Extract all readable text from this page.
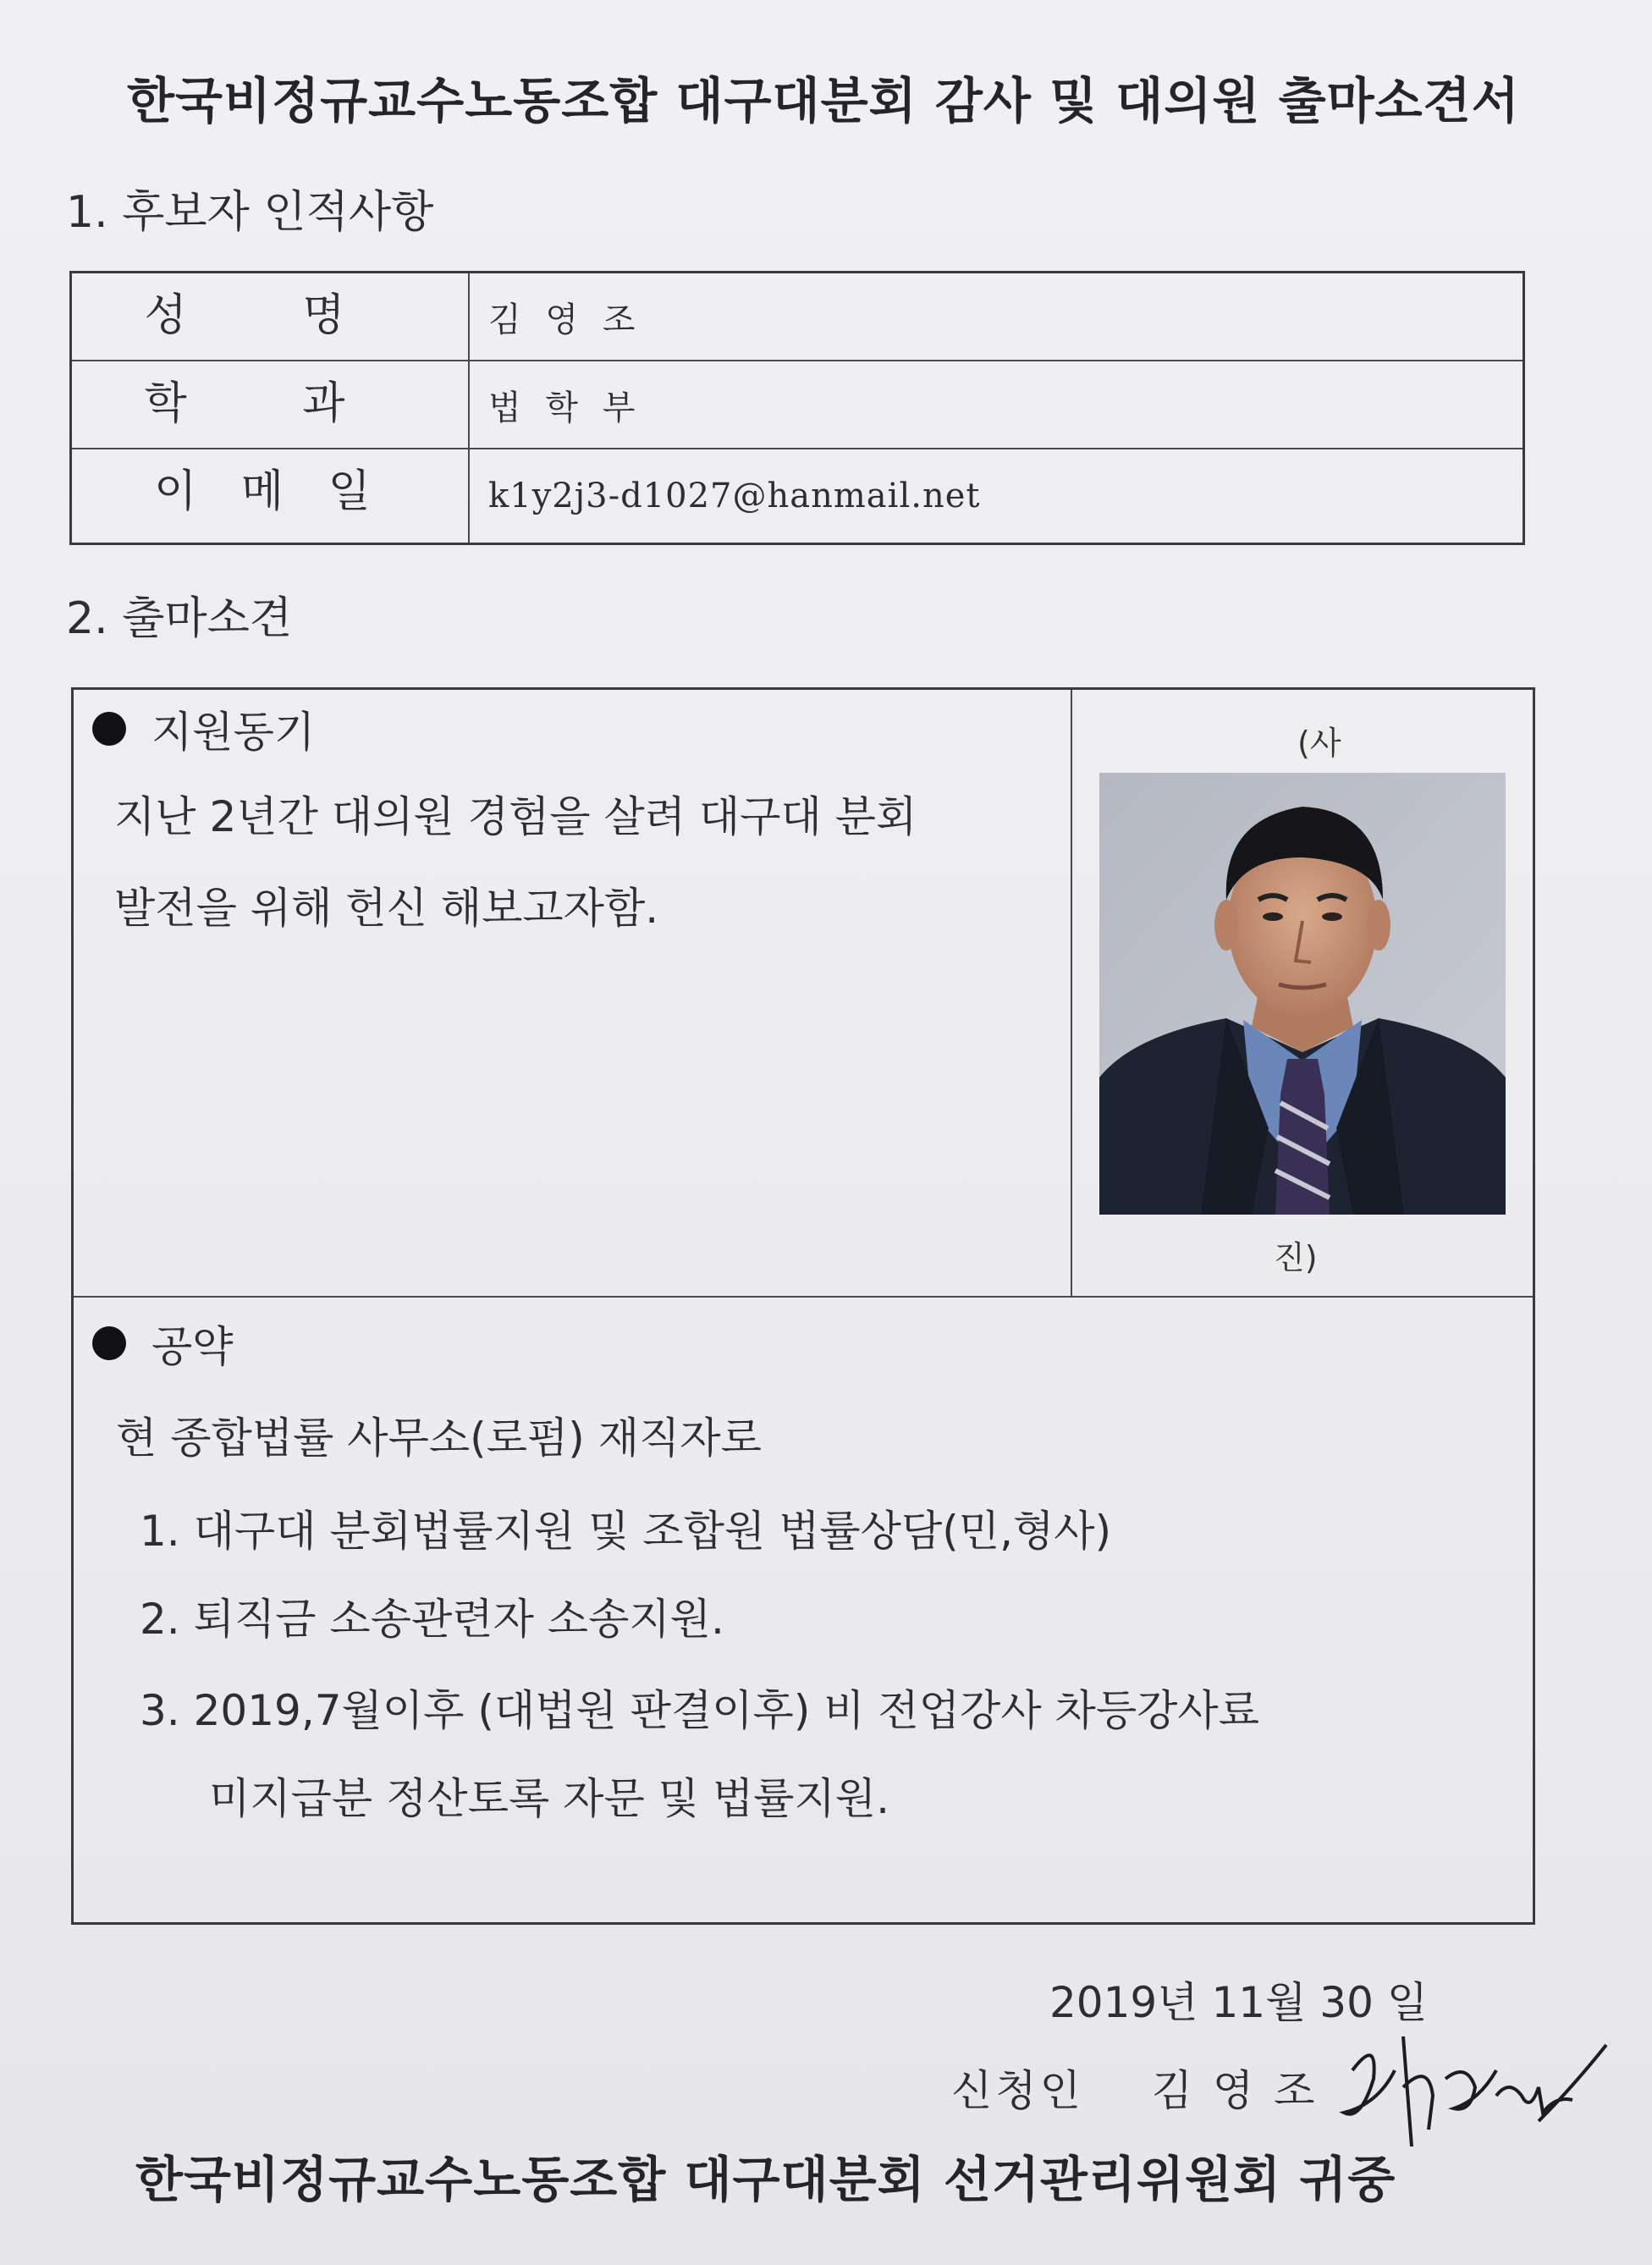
한국비정규교수노동조합 대구대분회 감사 및 대의원 출마소견서
1. 후보자 인적사항
성 명	김 영 조
학 과	법 학 부
이 메 일	k1y2j3-d1027@hanmail.net
2. 출마소견
지원동기
지난 2년간 대의원 경험을 살려 대구대 분회
발전을 위해 헌신 해보고자함.
(사
진)
공약
현 종합법률 사무소(로펌) 재직자로
1. 대구대 분회법률지원 및 조합원 법률상담(민,형사)
2. 퇴직금 소송관련자 소송지원.
3. 2019,7월이후 (대법원 판결이후) 비 전업강사 차등강사료
미지급분 정산토록 자문 및 법률지원.
2019년 11월 30 일
신청인 김 영 조
한국비정규교수노동조합 대구대분회 선거관리위원회 귀중
